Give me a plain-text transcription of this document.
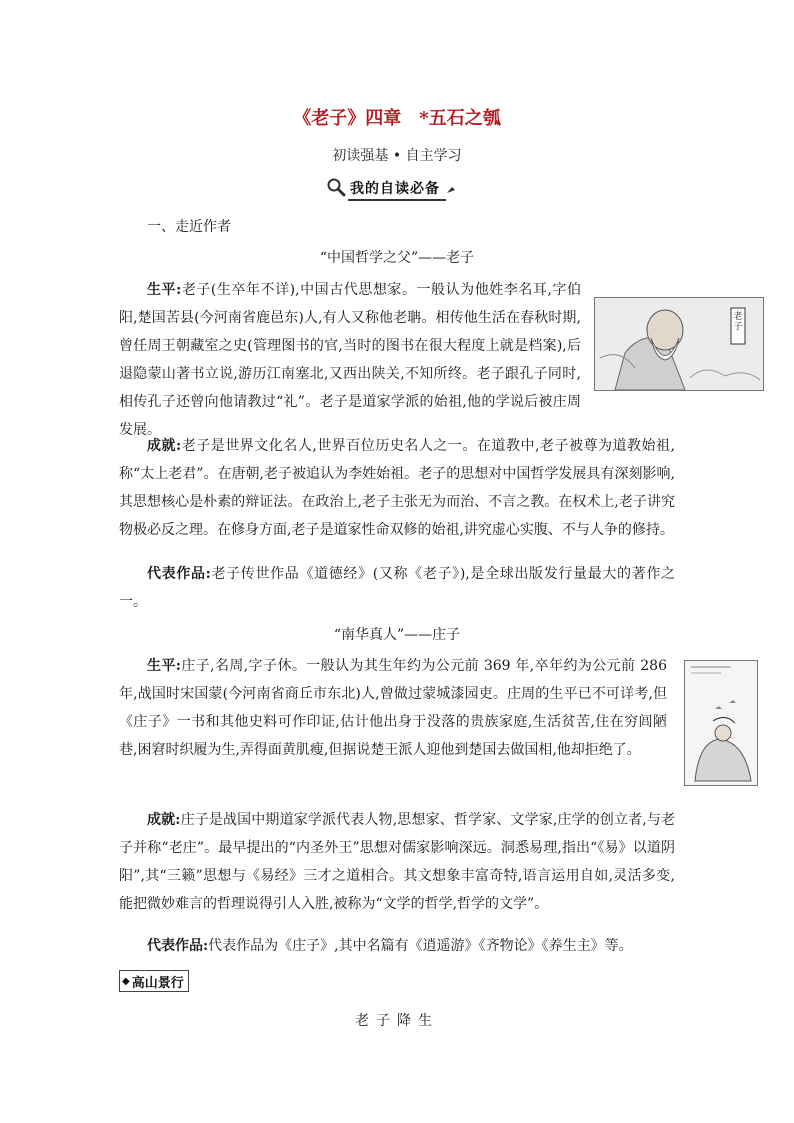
《老子》四章　*五石之瓠
初读强基 • 自主学习
我的自读必备
一、走近作者
“中国哲学之父”——老子
老子
生平:老子(生卒年不详),中国古代思想家。一般认为他姓李名耳,字伯阳,楚国苦县(今河南省鹿邑东)人,有人又称他老聃。相传他生活在春秋时期,曾任周王朝藏室之史(管理图书的官,当时的图书在很大程度上就是档案),后退隐蒙山著书立说,游历江南塞北,又西出陕关,不知所终。老子跟孔子同时,相传孔子还曾向他请教过“礼”。老子是道家学派的始祖,他的学说后被庄周发展。
成就:老子是世界文化名人,世界百位历史名人之一。在道教中,老子被尊为道教始祖,称“太上老君”。在唐朝,老子被追认为李姓始祖。老子的思想对中国哲学发展具有深刻影响,其思想核心是朴素的辩证法。在政治上,老子主张无为而治、不言之教。在权术上,老子讲究物极必反之理。在修身方面,老子是道家性命双修的始祖,讲究虚心实腹、不与人争的修持。
代表作品:老子传世作品《道德经》(又称《老子》),是全球出版发行量最大的著作之一。
“南华真人”——庄子
生平:庄子,名周,字子休。一般认为其生年约为公元前 369 年,卒年约为公元前 286 年,战国时宋国蒙(今河南省商丘市东北)人,曾做过蒙城漆园吏。庄周的生平已不可详考,但《庄子》一书和其他史料可作印证,估计他出身于没落的贵族家庭,生活贫苦,住在穷闾陋巷,困窘时织履为生,弄得面黄肌瘦,但据说楚王派人迎他到楚国去做国相,他却拒绝了。
成就:庄子是战国中期道家学派代表人物,思想家、哲学家、文学家,庄学的创立者,与老子并称“老庄”。最早提出的“内圣外王”思想对儒家影响深远。洞悉易理,指出“《易》以道阴阳”,其“三籁”思想与《易经》三才之道相合。其文想象丰富奇特,语言运用自如,灵活多变,能把微妙难言的哲理说得引人入胜,被称为“文学的哲学,哲学的文学”。
代表作品:代表作品为《庄子》,其中名篇有《逍遥游》《齐物论》《养生主》等。
◆ 高山景行
老子降生
